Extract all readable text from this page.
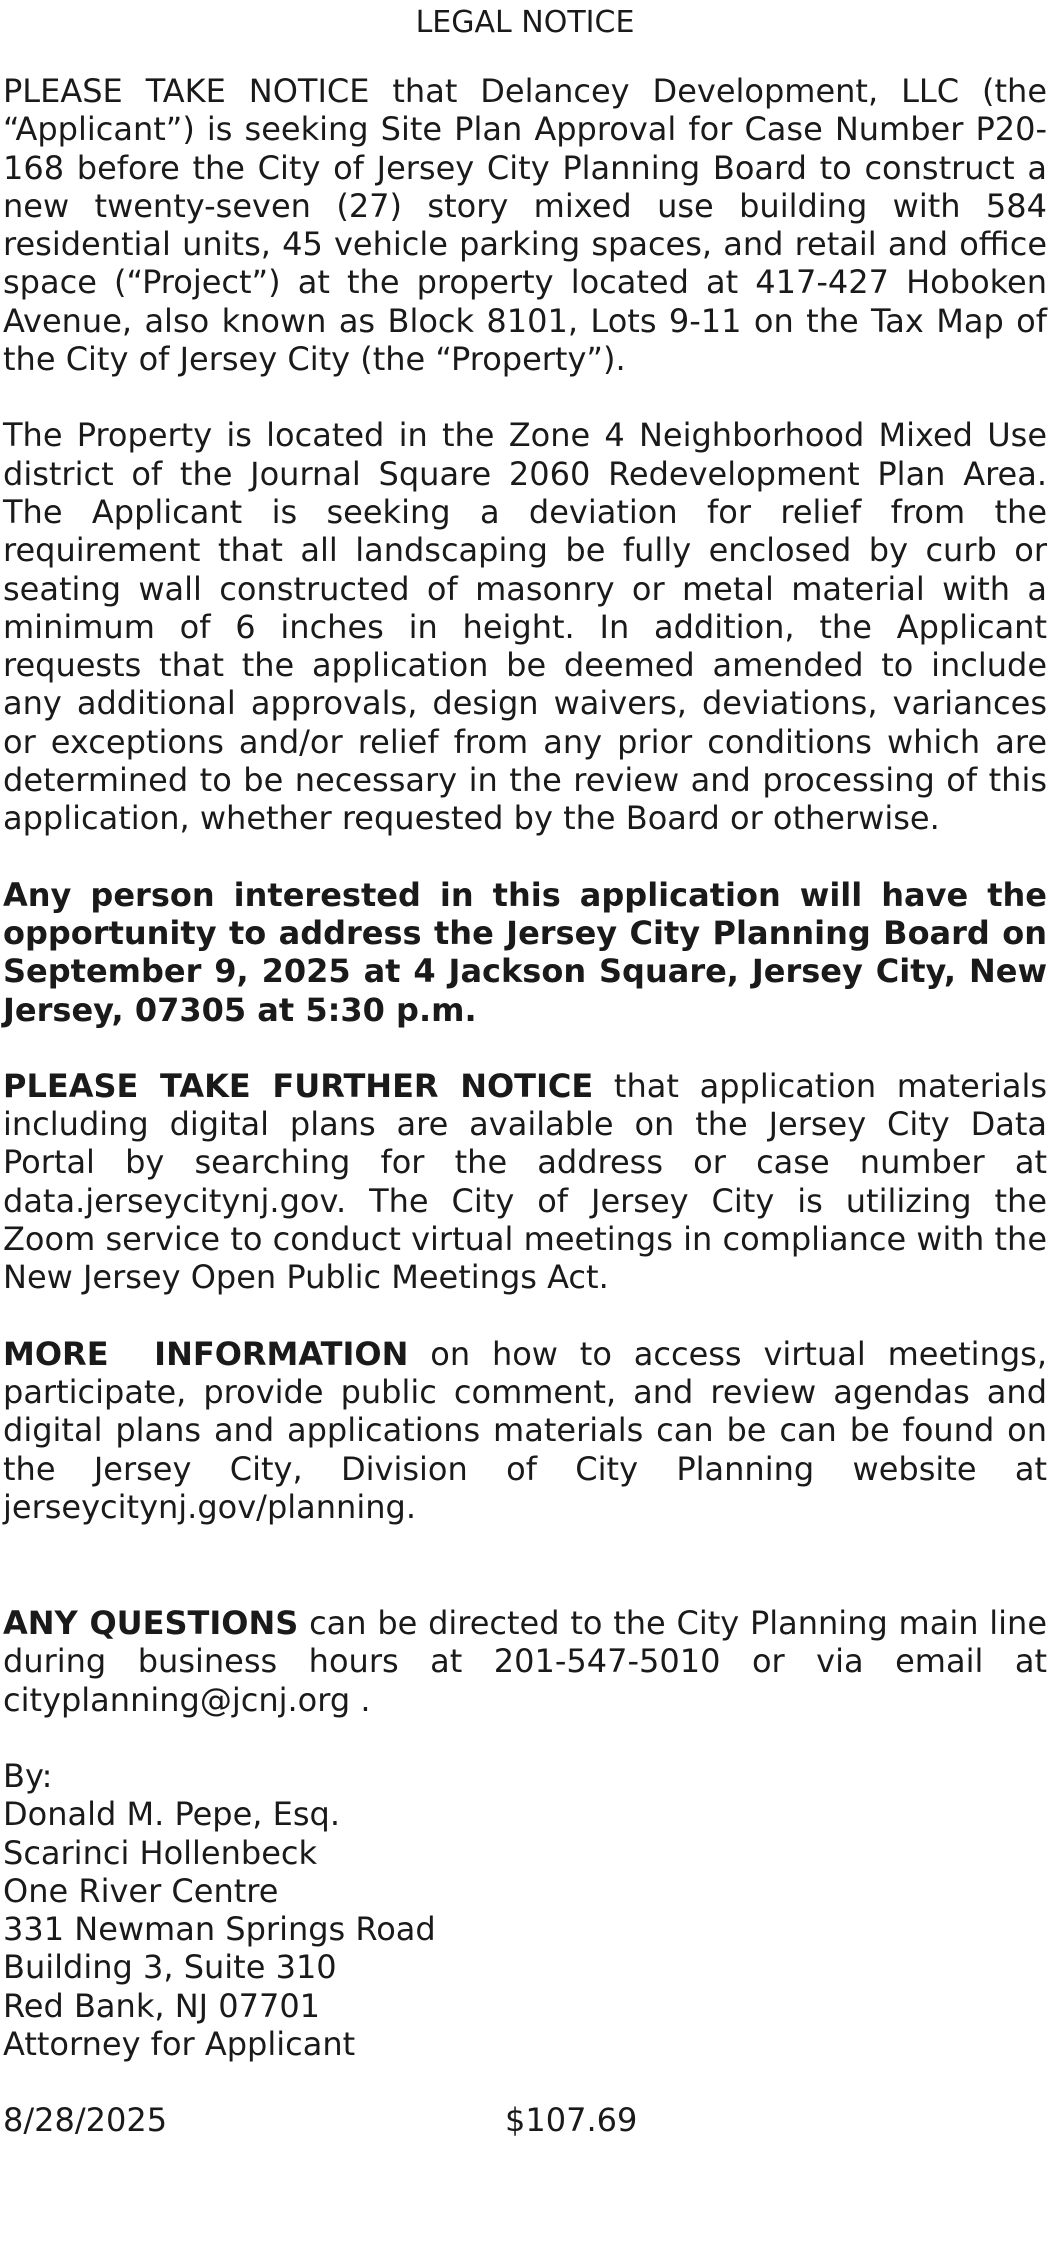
LEGAL NOTICE

PLEASE TAKE NOTICE that Delancey Development, LLC (the “Applicant”) is seeking Site Plan Approval for Case Number P20-168 before the City of Jersey City Planning Board to construct a new twenty-seven (27) story mixed use building with 584 residential units, 45 vehicle parking spaces, and retail and office space (“Project”) at the property located at 417-427 Hoboken Avenue, also known as Block 8101, Lots 9-11 on the Tax Map of the City of Jersey City (the “Property”).

The Property is located in the Zone 4 Neighborhood Mixed Use district of the Journal Square 2060 Redevelopment Plan Area. The Applicant is seeking a deviation for relief from the requirement that all landscaping be fully enclosed by curb or seating wall constructed of masonry or metal material with a minimum of 6 inches in height. In addition, the Applicant requests that the application be deemed amended to include any additional approvals, design waivers, deviations, variances or exceptions and/or relief from any prior conditions which are determined to be necessary in the review and processing of this application, whether requested by the Board or otherwise.

Any person interested in this application will have the opportunity to address the Jersey City Planning Board on September 9, 2025 at 4 Jackson Square, Jersey City, New Jersey, 07305 at 5:30 p.m.

PLEASE TAKE FURTHER NOTICE that application materials including digital plans are available on the Jersey City Data Portal by searching for the address or case number at data.jerseycitynj.gov. The City of Jersey City is utilizing the Zoom service to conduct virtual meetings in compliance with the New Jersey Open Public Meetings Act.

MORE  INFORMATION on how to access virtual meetings, participate, provide public comment, and review agendas and digital plans and applications materials can be can be found on the Jersey City, Division of City Planning website at jerseycitynj.gov/planning.

ANY QUESTIONS can be directed to the City Planning main line during business hours at 201-547-5010 or via email at cityplanning@jcnj.org .

By:
Donald M. Pepe, Esq.
Scarinci Hollenbeck
One River Centre
331 Newman Springs Road
Building 3, Suite 310
Red Bank, NJ 07701
Attorney for Applicant
8/28/2025	$107.69
